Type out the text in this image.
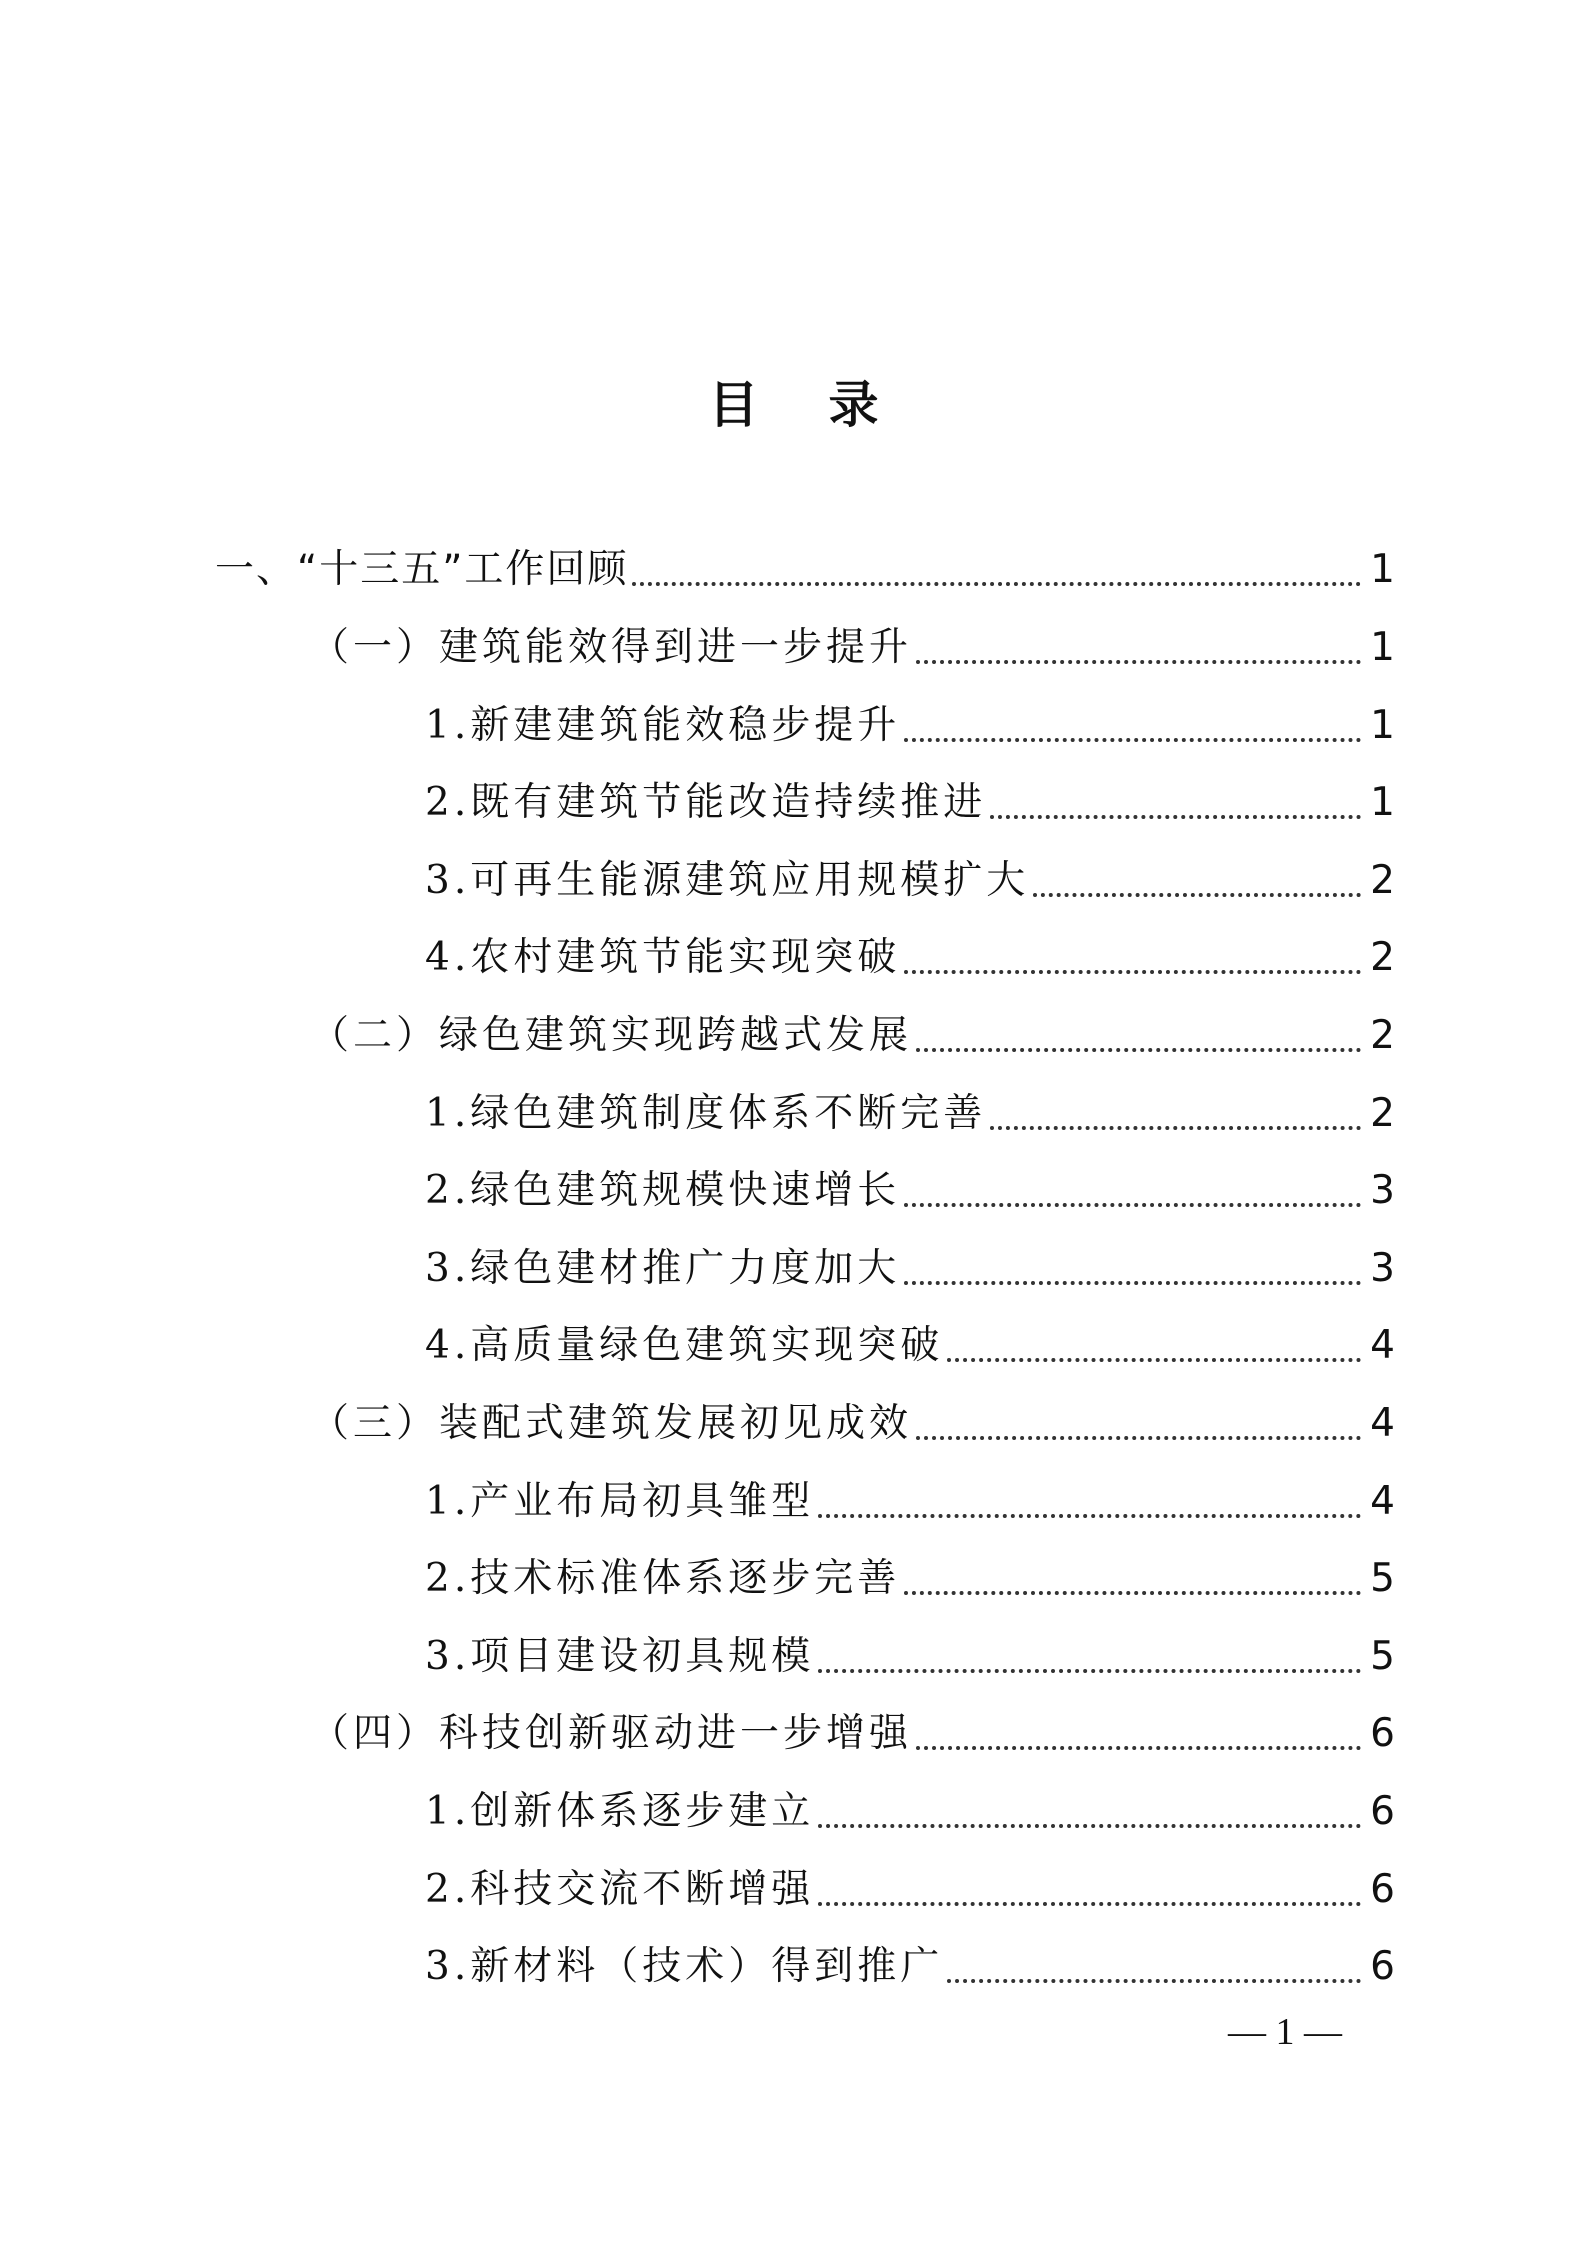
目录
一、“十三五”工作回顾	1
（一）建筑能效得到进一步提升	1
1.新建建筑能效稳步提升	1
2.既有建筑节能改造持续推进	1
3.可再生能源建筑应用规模扩大	2
4.农村建筑节能实现突破	2
（二）绿色建筑实现跨越式发展	2
1.绿色建筑制度体系不断完善	2
2.绿色建筑规模快速增长	3
3.绿色建材推广力度加大	3
4.高质量绿色建筑实现突破	4
（三）装配式建筑发展初见成效	4
1.产业布局初具雏型	4
2.技术标准体系逐步完善	5
3.项目建设初具规模	5
（四）科技创新驱动进一步增强	6
1.创新体系逐步建立	6
2.科技交流不断增强	6
3.新材料（技术）得到推广	6
— 1 —
